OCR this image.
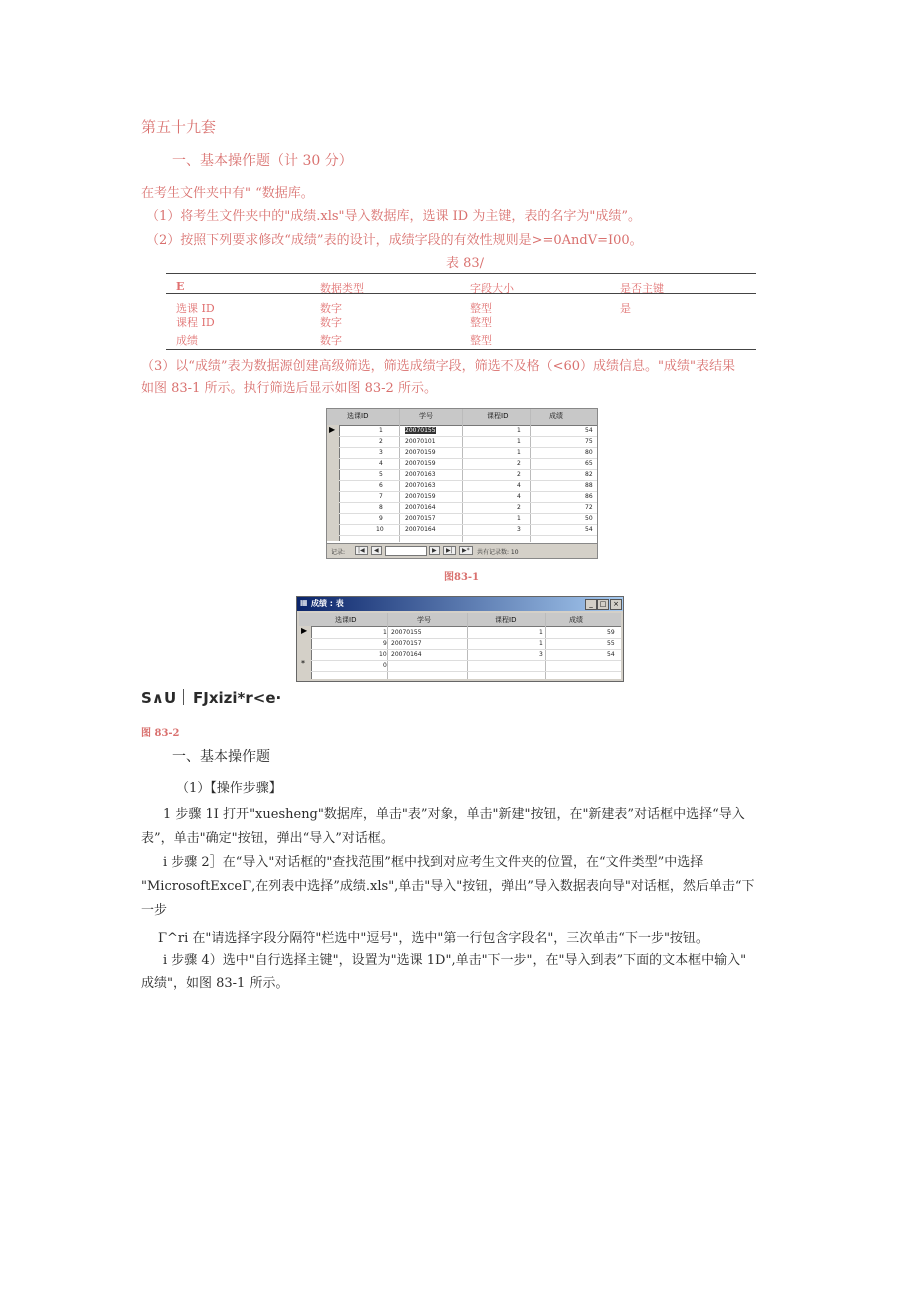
第五十九套
一、基本操作题（计 30 分）
在考生文件夹中有" “数据库。
（1）将考生文件夹中的"成绩.xls"导入数据库，选课 ID 为主键，表的名字为"成绩”。
（2）按照下列要求修改“成绩”表的设计，成绩字段的有效性规则是>=0AndV=I00。
表 83/
E	数据类型	字段大小	是否主键
选课 ID	数字	整型	是
课程 ID	数字	整型
成绩	数字	整型
（3）以“成绩”表为数据源创建高级筛选，筛选成绩字段，筛选不及格（<60）成绩信息。"成绩"表结果
如图 83-1 所示。执行筛选后显示如图 83-2 所示。
选课ID	学号	课程ID	成绩
▶	1	20070155	1	54
2	20070101	1	75
3	20070159	1	80
4	20070159	2	65
5	20070163	2	82
6	20070163	4	88
7	20070159	4	86
8	20070164	2	72
9	20070157	1	50
10	20070164	3	54
记录:	|◀	◀	▶	▶|	▶*	共有记录数: 10
图83-1
▦ 成绩 : 表	_ □ ×
选课ID	学号	课程ID	成绩
▶
*
1 20070155	1	59
9 20070157	1	55
10 20070164	3	54
0
S∧U FJxizi*r<e·
图 83-2
一、基本操作题
（1）【操作步骤】
1 步骤 1I 打开"xuesheng"数据库，单击"表”对象，单击"新建"按钮，在"新建表”对话框中选择“导入
表”，单击"确定"按钮，弹出“导入”对话框。
i 步骤 2］在“导入"对话框的"查找范围”框中找到对应考生文件夹的位置，在“文件类型”中选择
"MicrosoftExceΓ,在列表中选择”成绩.xls",单击"导入"按钮，弹出”导入数据表向导"对话框，然后单击“下
一步
Γ^ri 在"请选择字段分隔符"栏选中"逗号"，选中"第一行包含字段名"，三次单击“下一步"按钮。
i 步骤 4）选中"自行选择主键"，设置为"选课 1D",单击"下一步"，在"导入到表”下面的文本框中输入"
成绩"，如图 83-1 所示。
